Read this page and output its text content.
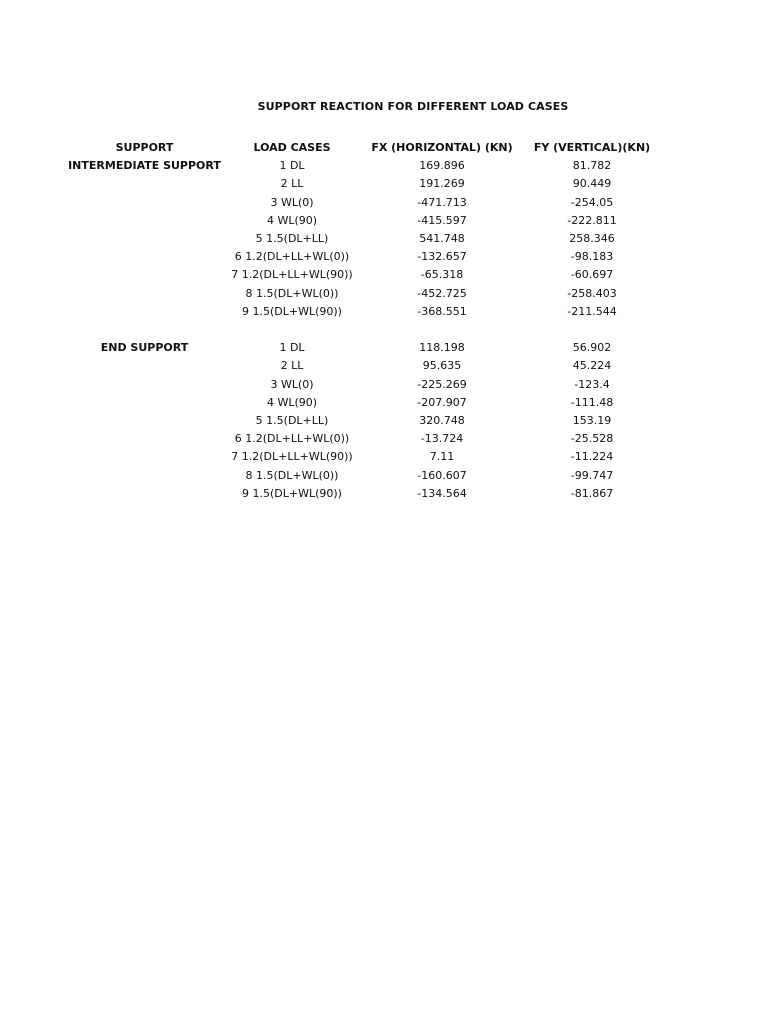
SUPPORT REACTION FOR DIFFERENT LOAD CASES
SUPPORT	LOAD CASES	FX (HORIZONTAL) (KN)	FY (VERTICAL)(KN)
INTERMEDIATE SUPPORT	1 DL	169.896	81.782
	2 LL	191.269	90.449
	3 WL(0)	-471.713	-254.05
	4 WL(90)	-415.597	-222.811
	5 1.5(DL+LL)	541.748	258.346
	6 1.2(DL+LL+WL(0))	-132.657	-98.183
	7 1.2(DL+LL+WL(90))	-65.318	-60.697
	8 1.5(DL+WL(0))	-452.725	-258.403
	9 1.5(DL+WL(90))	-368.551	-211.544

END SUPPORT	1 DL	118.198	56.902
	2 LL	95.635	45.224
	3 WL(0)	-225.269	-123.4
	4 WL(90)	-207.907	-111.48
	5 1.5(DL+LL)	320.748	153.19
	6 1.2(DL+LL+WL(0))	-13.724	-25.528
	7 1.2(DL+LL+WL(90))	7.11	-11.224
	8 1.5(DL+WL(0))	-160.607	-99.747
	9 1.5(DL+WL(90))	-134.564	-81.867
